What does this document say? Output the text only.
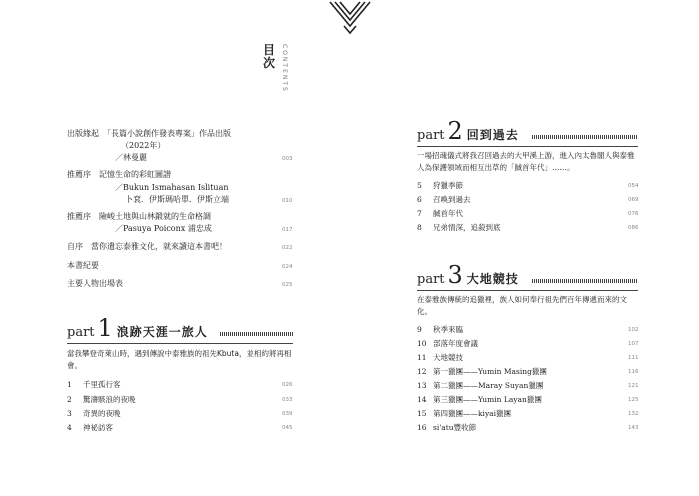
目次 CONTENTS
出版緣起　「長篇小說創作發表專案」作品出版
（2022年）
／林曼麗	003
推薦序　記憶生命的彩虹圖譜
／Bukun Ismahasan Islituan
卜袞．伊斯瑪哈單．伊斯立端	010
推薦序　險峻土地與山林鍛就的生命格調
／Pasuya Poiconx 浦忠成	017
自序　當你遺忘泰雅文化，就來讀這本書吧！	022
本書紀要	024
主要人物出場表	025
part 1 浪跡天涯一旅人
當我攀登奇萊山時，遇到傳說中泰雅族的祖先Kbuta，並相約將再相會。
1 千里孤行客	026
2 驚濤駭浪的夜晚	033
3 奇異的夜晚	039
4 神祕訪客	045
part 2 回到過去
一場招魂儀式將我召回過去的大甲溪上游，進入內太魯閣人與泰雅人為保護領域而相互出草的「馘首年代」……。
5 狩獵季節	054
6 召喚到過去	069
7 馘首年代	076
8 兄弟情深，追殺到底	086
part 3 大地競技
在泰雅族傳統的追獵裡，族人如何奉行祖先們百年傳遞而來的文化。
9 秋季來臨	102
10 部落年度會議	107
11 大地競技	111
12 第一獵團——Yumin Masing獵團	116
13 第二獵團——Maray Suyan獵團	121
14 第三獵團——Yumin Layan獵團	125
15 第四獵團——kiyai獵團	132
16 si'atu豐收節	143
